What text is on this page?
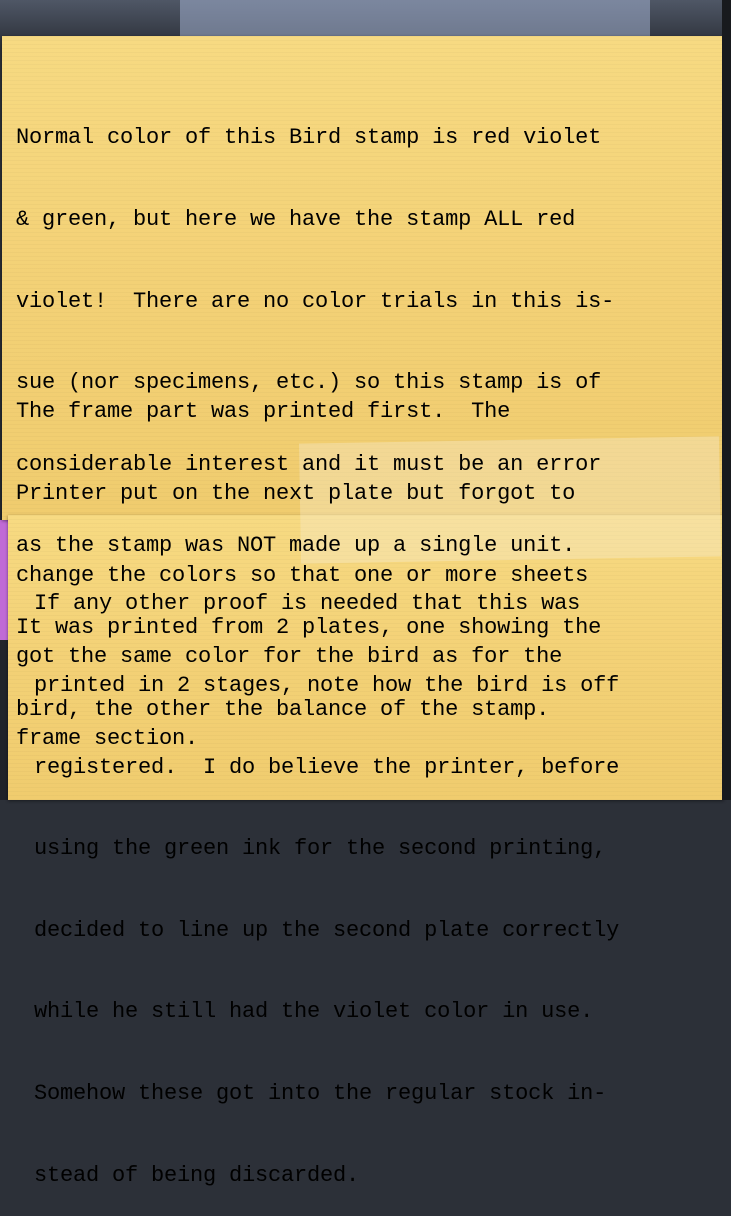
Normal color of this Bird stamp is red violet

& green, but here we have the stamp ALL red

violet!  There are no color trials in this is-

sue (nor specimens, etc.) so this stamp is of

considerable interest and it must be an error

as the stamp was NOT made up a single unit.

It was printed from 2 plates, one showing the

bird, the other the balance of the stamp.

The frame part was printed first.  The

Printer put on the next plate but forgot to

change the colors so that one or more sheets

got the same color for the bird as for the

frame section.

If any other proof is needed that this was

printed in 2 stages, note how the bird is off

registered.  I do believe the printer, before

using the green ink for the second printing,

decided to line up the second plate correctly

while he still had the violet color in use.

Somehow these got into the regular stock in-

stead of being discarded.
